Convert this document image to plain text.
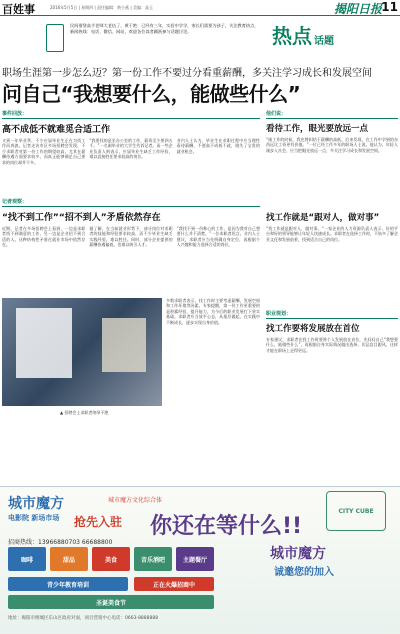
百姓事	2016年5月5日 | 星期四 | 责任编辑：黄小燕 | 美编：高玉	揭阳日报 11
民间借贷高手老师大老伍了，黄于艳：已经有三年，实验中学学，家长们需要为孩子，关注教育热点，新闻热线：电话、微信、网站，欢迎各位读者踊跃参与话题讨论。	热点 话题
职场生涯第一步怎么迈？第一份工作不要过分看重薪酬，多关注学习成长和发展空间
问自己“我想要什么，能做些什么”
事件回放：
高不成低不就难觅合适工作
又到一年毕业季，不少应届毕业生正在为找工作而奔波。记者走访市区多场招聘会发现，不少求职者对第一份工作的期望较高，尤其在薪酬待遇方面要求较多，而真正能够满足自己要求的岗位却并不多。
“我要找的是坐办公室的工作，薪资至少要四五千。”一名刚毕业的大学生告诉记者。而一些企业负责人则表示，应届毕业生缺乏工作经验，难以直接胜任要求较高的岗位。
业内人士认为，毕业生在求职过程中应当理性看待薪酬，不要高不成低不就，错失了宝贵的就业机会。
记者观察：
“找不到工作”“招不到人”矛盾依然存在
近期，记者在多场招聘会上看到，一边是求职者找不到满意的工作，另一边是企业招不到合适的人。这种结构性矛盾在就业市场中依然存在。
据了解，在当前就业形势下，部分岗位对求职者的技能和经验要求较高，而不少毕业生缺乏实践经验，难以胜任。同时，部分企业提供的薪酬待遇偏低，也难以吸引人才。
“我找不到一份称心的工作，是因为我对自己想要什么并不清楚。”一位求职者坦言。业内人士建议，求职者应当先明确自身定位，再根据个人兴趣和能力选择合适的岗位。
▲ 招聘会上求职者络绎不绝
多数求职者表示，找工作时主要考虑薪酬、发展空间和工作环境等因素。专家提醒，第一份工作更重要的是积累经验、提升能力，为今后的职业发展打下坚实基础。求职者应当放平心态，从基层做起，在实践中不断成长，逐步实现自身价值。
他们说：
看待工作，眼光要放远一点
“刚工作的时候，我也曾纠结于薪酬的高低，后来发现，在工作中学到的东西远比工资更有价值。”一位已经工作多年的职场人士说。他认为，年轻人刚步入社会，应当把眼光放远一点，多关注学习成长和发展空间。
找工作就是“跟对人，做对事”
“找工作就是跟对人，做对事。”一家企业的人力资源负责人表示，好的平台和好的领导能够让年轻人快速成长。求职者在选择工作时，不妨多了解企业文化和发展前景，找到适合自己的岗位。
职业规划：
找工作要将发展放在首位
专家建议，求职者在找工作时要将个人发展放在首位，先问问自己“我想要什么，能做些什么”，再根据自身实际情况做出选择，切忌盲目跟风，这样才能在职场上走得更远。
城市魔方	城市魔方文化综合体
电影院 新场市场 抢先入驻 你还在等什么!!
招商热线：13966880703 66688800
咖啡	甜品	美食	音乐酒吧	主题餐厅
青少年教育培训	正在火爆招商中
圣诞美食节
城市魔方
诚邀您的加入
CITY CUBE
地址：揭阳市榕城区东山区政府对面，项目营销中心电话：0663-8888888
